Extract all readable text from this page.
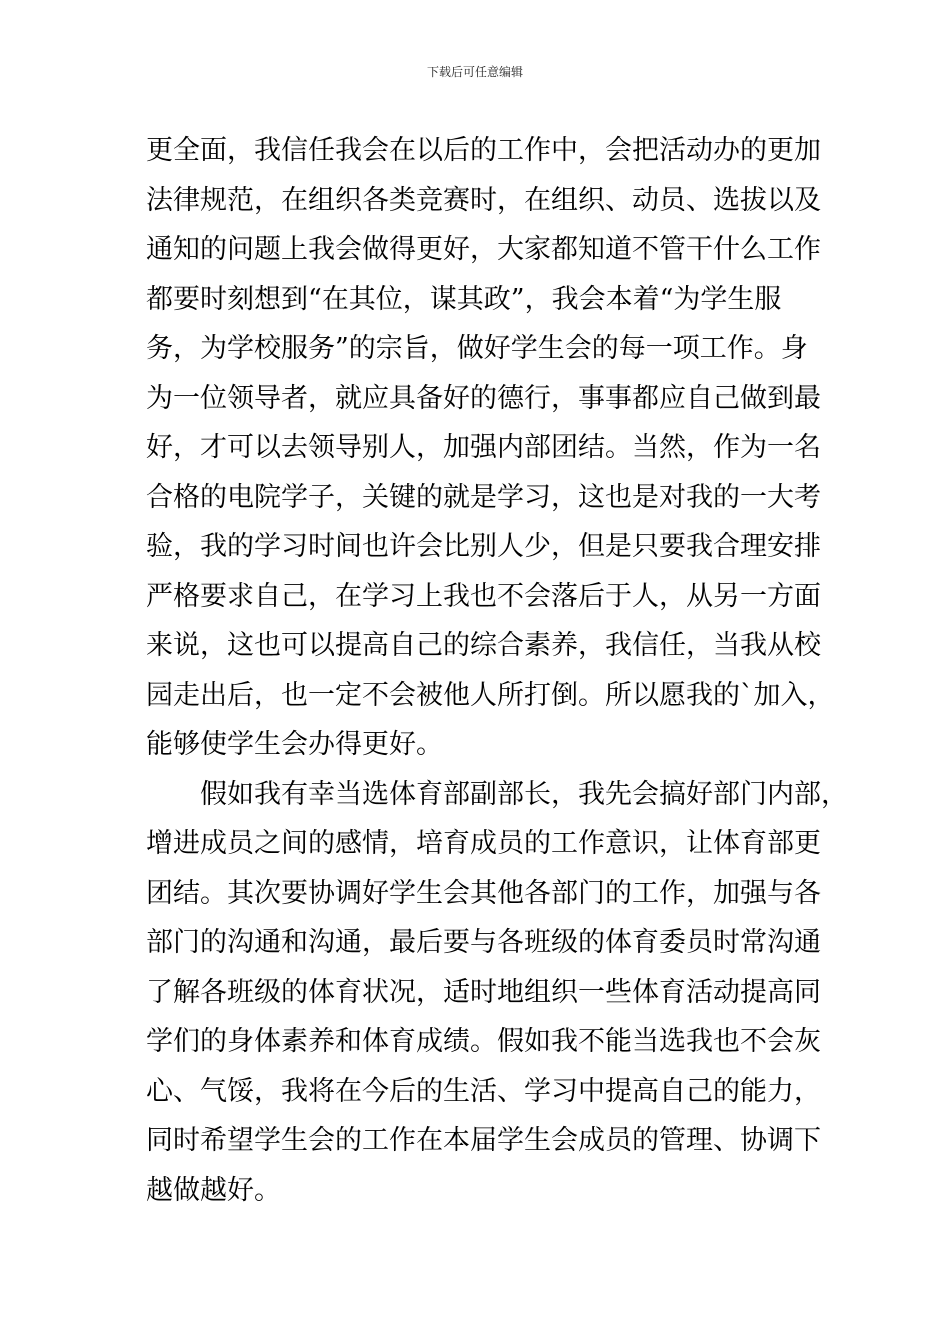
下载后可任意编辑
更全面，我信任我会在以后的工作中，会把活动办的更加
法律规范，在组织各类竞赛时，在组织、动员、选拔以及
通知的问题上我会做得更好，大家都知道不管干什么工作
都要时刻想到“在其位，谋其政”，我会本着“为学生服
务，为学校服务”的宗旨，做好学生会的每一项工作。身
为一位领导者，就应具备好的德行，事事都应自己做到最
好，才可以去领导别人，加强内部团结。当然，作为一名
合格的电院学子，关键的就是学习，这也是对我的一大考
验，我的学习时间也许会比别人少，但是只要我合理安排
严格要求自己，在学习上我也不会落后于人，从另一方面
来说，这也可以提高自己的综合素养，我信任，当我从校
园走出后，也一定不会被他人所打倒。所以愿我的`加入，
能够使学生会办得更好。
假如我有幸当选体育部副部长，我先会搞好部门内部，
增进成员之间的感情，培育成员的工作意识，让体育部更
团结。其次要协调好学生会其他各部门的工作，加强与各
部门的沟通和沟通，最后要与各班级的体育委员时常沟通
了解各班级的体育状况，适时地组织一些体育活动提高同
学们的身体素养和体育成绩。假如我不能当选我也不会灰
心、气馁，我将在今后的生活、学习中提高自己的能力，
同时希望学生会的工作在本届学生会成员的管理、协调下
越做越好。
